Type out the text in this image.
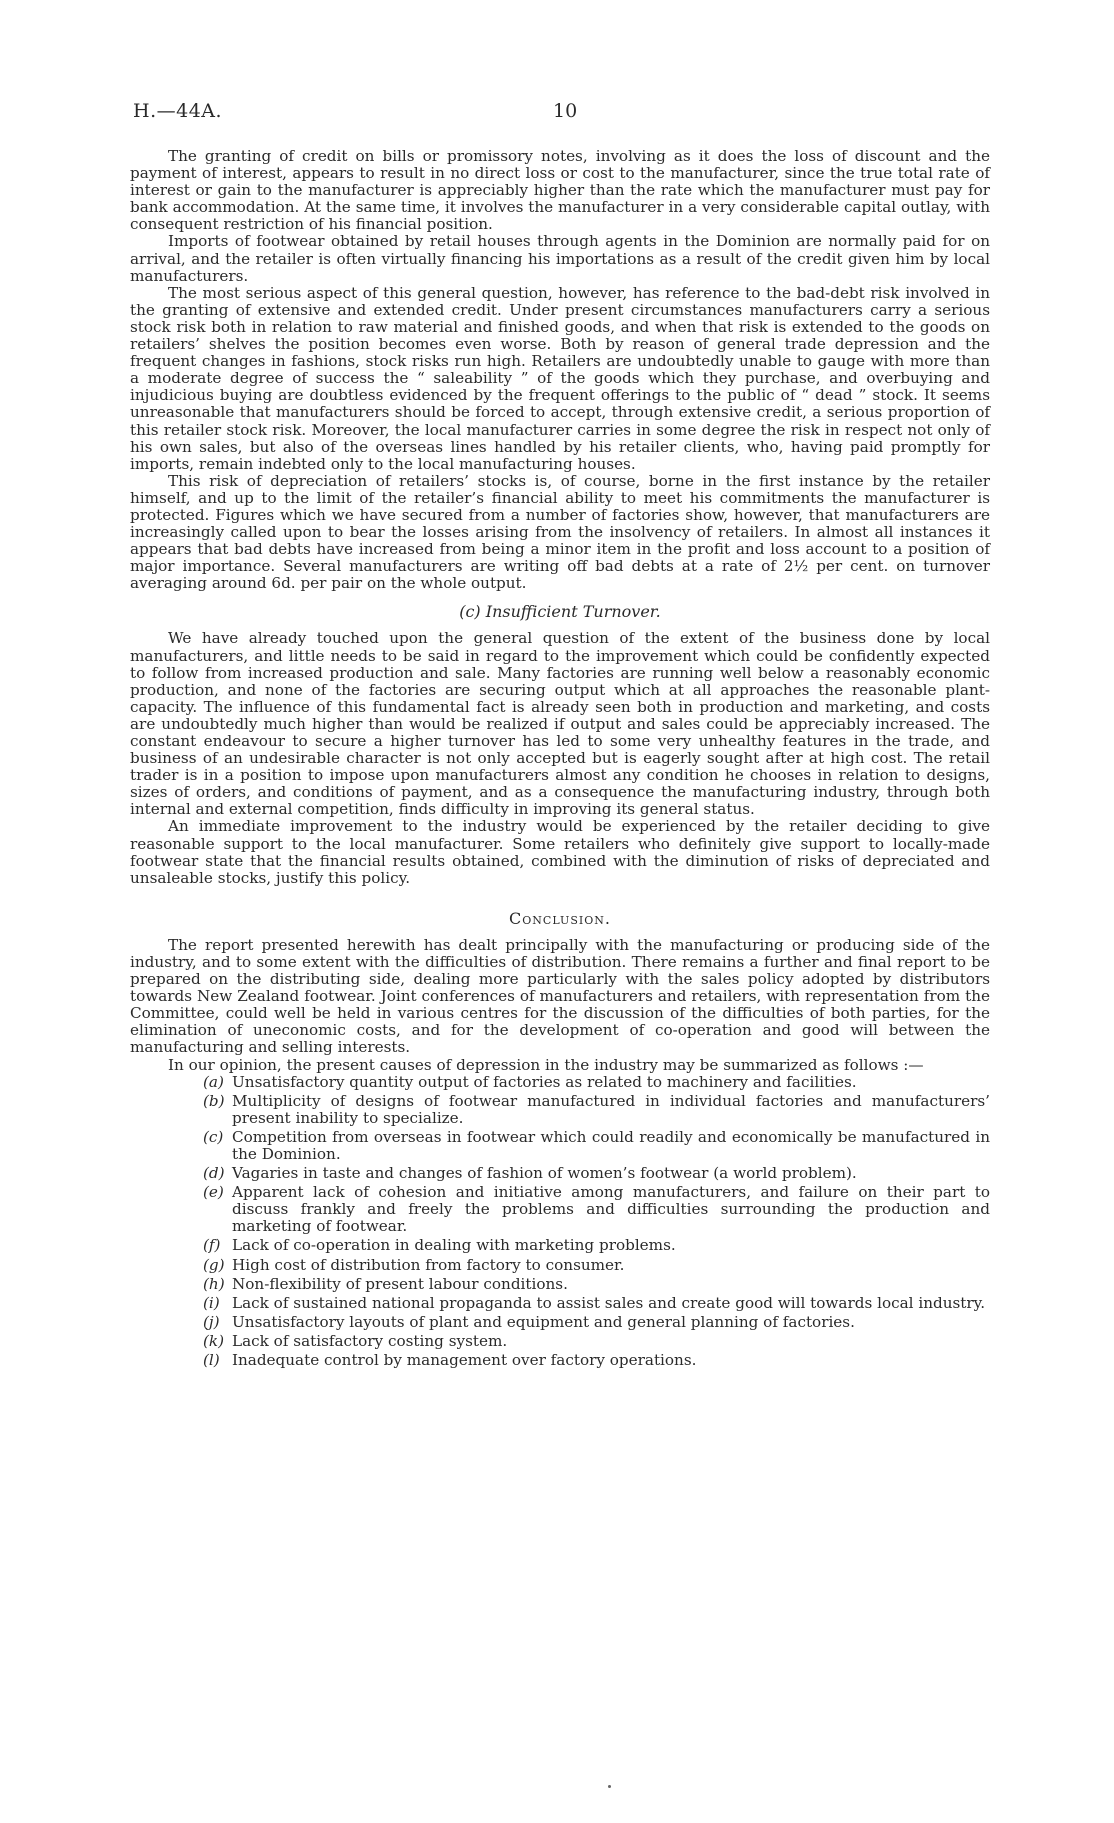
H.—44A.	10

The granting of credit on bills or promissory notes, involving as it does the loss of discount and the payment of interest, appears to result in no direct loss or cost to the manufacturer, since the true total rate of interest or gain to the manufacturer is appreciably higher than the rate which the manufacturer must pay for bank accommodation. At the same time, it involves the manufacturer in a very considerable capital outlay, with consequent restriction of his financial position.

Imports of footwear obtained by retail houses through agents in the Dominion are normally paid for on arrival, and the retailer is often virtually financing his importations as a result of the credit given him by local manufacturers.

The most serious aspect of this general question, however, has reference to the bad-debt risk involved in the granting of extensive and extended credit. Under present circumstances manufacturers carry a serious stock risk both in relation to raw material and finished goods, and when that risk is extended to the goods on retailers’ shelves the position becomes even worse. Both by reason of general trade depression and the frequent changes in fashions, stock risks run high. Retailers are undoubtedly unable to gauge with more than a moderate degree of success the “ saleability ” of the goods which they purchase, and overbuying and injudicious buying are doubtless evidenced by the frequent offerings to the public of “ dead ” stock. It seems unreasonable that manufacturers should be forced to accept, through extensive credit, a serious proportion of this retailer stock risk. Moreover, the local manufacturer carries in some degree the risk in respect not only of his own sales, but also of the overseas lines handled by his retailer clients, who, having paid promptly for imports, remain indebted only to the local manufacturing houses.

This risk of depreciation of retailers’ stocks is, of course, borne in the first instance by the retailer himself, and up to the limit of the retailer’s financial ability to meet his commitments the manufacturer is protected. Figures which we have secured from a number of factories show, however, that manufacturers are increasingly called upon to bear the losses arising from the insolvency of retailers. In almost all instances it appears that bad debts have increased from being a minor item in the profit and loss account to a position of major importance. Several manufacturers are writing off bad debts at a rate of 2½ per cent. on turnover averaging around 6d. per pair on the whole output.

(c) Insufficient Turnover.

We have already touched upon the general question of the extent of the business done by local manufacturers, and little needs to be said in regard to the improvement which could be confidently expected to follow from increased production and sale. Many factories are running well below a reasonably economic production, and none of the factories are securing output which at all approaches the reasonable plant-capacity. The influence of this fundamental fact is already seen both in production and marketing, and costs are undoubtedly much higher than would be realized if output and sales could be appreciably increased. The constant endeavour to secure a higher turnover has led to some very unhealthy features in the trade, and business of an undesirable character is not only accepted but is eagerly sought after at high cost. The retail trader is in a position to impose upon manufacturers almost any condition he chooses in relation to designs, sizes of orders, and conditions of payment, and as a consequence the manufacturing industry, through both internal and external competition, finds difficulty in improving its general status.

An immediate improvement to the industry would be experienced by the retailer deciding to give reasonable support to the local manufacturer. Some retailers who definitely give support to locally-made footwear state that the financial results obtained, combined with the diminution of risks of depreciated and unsaleable stocks, justify this policy.

Conclusion.

The report presented herewith has dealt principally with the manufacturing or producing side of the industry, and to some extent with the difficulties of distribution. There remains a further and final report to be prepared on the distributing side, dealing more particularly with the sales policy adopted by distributors towards New Zealand footwear. Joint conferences of manufacturers and retailers, with representation from the Committee, could well be held in various centres for the discussion of the difficulties of both parties, for the elimination of uneconomic costs, and for the development of co-operation and good will between the manufacturing and selling interests.

In our opinion, the present causes of depression in the industry may be summarized as follows :—

(a) Unsatisfactory quantity output of factories as related to machinery and facilities.
(b) Multiplicity of designs of footwear manufactured in individual factories and manufacturers’ present inability to specialize.
(c) Competition from overseas in footwear which could readily and economically be manufactured in the Dominion.
(d) Vagaries in taste and changes of fashion of women’s footwear (a world problem).
(e) Apparent lack of cohesion and initiative among manufacturers, and failure on their part to discuss frankly and freely the problems and difficulties surrounding the production and marketing of footwear.
(f) Lack of co-operation in dealing with marketing problems.
(g) High cost of distribution from factory to consumer.
(h) Non-flexibility of present labour conditions.
(i) Lack of sustained national propaganda to assist sales and create good will towards local industry.
(j) Unsatisfactory layouts of plant and equipment and general planning of factories.
(k) Lack of satisfactory costing system.
(l) Inadequate control by management over factory operations.
